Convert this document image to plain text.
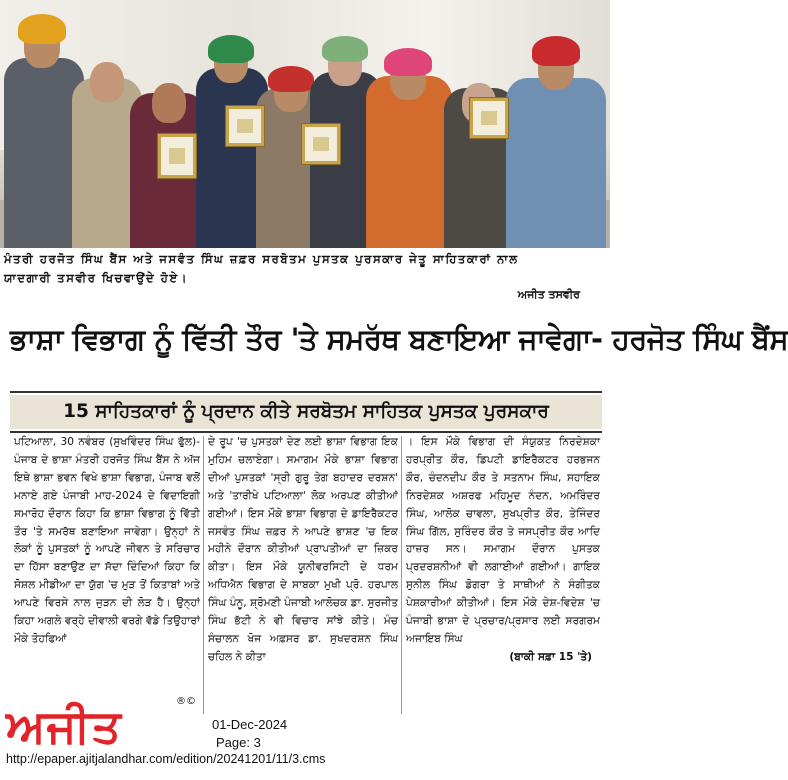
ਮੰਤਰੀ ਹਰਜੋਤ ਸਿੰਘ ਬੈਂਸ ਅਤੇ ਜਸਵੰਤ ਸਿੰਘ ਜ਼ਫ਼ਰ ਸਰਬੋਤਮ ਪੁਸਤਕ ਪੁਰਸਕਾਰ ਜੇਤੂ ਸਾਹਿਤਕਾਰਾਂ ਨਾਲ
ਯਾਦਗਾਰੀ ਤਸਵੀਰ ਖਿਚਵਾਉਂਦੇ ਹੋਏ।
ਅਜੀਤ ਤਸਵੀਰ
ਭਾਸ਼ਾ ਵਿਭਾਗ ਨੂੰ ਵਿੱਤੀ ਤੌਰ 'ਤੇ ਸਮਰੱਥ ਬਣਾਇਆ ਜਾਵੇਗਾ- ਹਰਜੋਤ ਸਿੰਘ ਬੈਂਸ
15 ਸਾਹਿਤਕਾਰਾਂ ਨੂੰ ਪ੍ਰਦਾਨ ਕੀਤੇ ਸਰਬੋਤਮ ਸਾਹਿਤਕ ਪੁਸਤਕ ਪੁਰਸਕਾਰ
ਪਟਿਆਲਾ, 30 ਨਵੰਬਰ (ਸੁਖਵਿੰਦਰ ਸਿੰਘ ਫੁੱਲ)-ਪੰਜਾਬ ਦੇ ਭਾਸ਼ਾ ਮੰਤਰੀ ਹਰਜੋਤ ਸਿੰਘ ਬੈਂਸ ਨੇ ਅੱਜ ਇਥੇ ਭਾਸ਼ਾ ਭਵਨ ਵਿਖੇ ਭਾਸ਼ਾ ਵਿਭਾਗ, ਪੰਜਾਬ ਵਲੋਂ ਮਨਾਏ ਗਏ ਪੰਜਾਬੀ ਮਾਹ-2024 ਦੇ ਵਿਦਾਇਗੀ ਸਮਾਰੋਹ ਦੌਰਾਨ ਕਿਹਾ ਕਿ ਭਾਸ਼ਾ ਵਿਭਾਗ ਨੂੰ ਵਿੱਤੀ ਤੌਰ 'ਤੇ ਸਮਰੱਥ ਬਣਾਇਆ ਜਾਵੇਗਾ। ਉਨ੍ਹਾਂ ਨੇ ਲੋਕਾਂ ਨੂੰ ਪੁਸਤਕਾਂ ਨੂੰ ਆਪਣੇ ਜੀਵਨ ਤੇ ਸਰਿਚਾਰ ਦਾ ਹਿੱਸਾ ਬਣਾਉਣ ਦਾ ਸੱਦਾ ਦਿੰਦਿਆਂ ਕਿਹਾ ਕਿ ਸੋਸ਼ਲ ਮੀਡੀਆ ਦਾ ਯੁੱਗ 'ਚ ਮੁੜ ਤੋਂ ਕਿਤਾਬਾਂ ਅਤੇ ਆਪਣੇ ਵਿਰਸੇ ਨਾਲ ਜੁੜਨ ਦੀ ਲੋੜ ਹੈ। ਉਨ੍ਹਾਂ ਕਿਹਾ ਅਗਲੇ ਵਰ੍ਹੇ ਦੀਵਾਲੀ ਵਰਗੇ ਵੱਡੇ ਤਿਉਹਾਰਾਂ ਮੌਕੇ ਤੋਹਫਿਆਂ
ਦੇ ਰੂਪ 'ਚ ਪੁਸਤਕਾਂ ਦੇਣ ਲਈ ਭਾਸ਼ਾ ਵਿਭਾਗ ਇਕ ਮੁਹਿਮ ਚਲਾਏਗਾ। ਸਮਾਗਮ ਮੌਕੇ ਭਾਸ਼ਾ ਵਿਭਾਗ ਦੀਆਂ ਪੁਸਤਕਾਂ 'ਸ੍ਰੀ ਗੁਰੂ ਤੇਗ ਬਹਾਦਰ ਦਰਸ਼ਨ' ਅਤੇ 'ਤਾਰੀਖੇ ਪਟਿਆਲਾ' ਲੋਕ ਅਰਪਣ ਕੀਤੀਆਂ ਗਈਆਂ। ਇਸ ਮੌਕੇ ਭਾਸ਼ਾ ਵਿਭਾਗ ਦੇ ਡਾਇਰੈਕਟਰ ਜਸਵੰਤ ਸਿੰਘ ਜ਼ਫ਼ਰ ਨੇ ਆਪਣੇ ਭਾਸ਼ਣ 'ਚ ਇਕ ਮਹੀਨੇ ਦੌਰਾਨ ਕੀਤੀਆਂ ਪ੍ਰਾਪਤੀਆਂ ਦਾ ਜ਼ਿਕਰ ਕੀਤਾ। ਇਸ ਮੌਕੇ ਯੂਨੀਵਰਸਿਟੀ ਦੇ ਧਰਮ ਅਧਿਐਨ ਵਿਭਾਗ ਦੇ ਸਾਬਕਾ ਮੁਖੀ ਪ੍ਰੋ. ਹਰਪਾਲ ਸਿੰਘ ਪੰਨੂ, ਸ਼੍ਰੋਮਣੀ ਪੰਜਾਬੀ ਆਲੋਚਕ ਡਾ. ਸੁਰਜੀਤ ਸਿੰਘ ਭੱਟੀ ਨੇ ਵੀ ਵਿਚਾਰ ਸਾਂਝੇ ਕੀਤੇ। ਮੰਚ ਸੰਚਾਲਨ ਖੋਜ ਅਫ਼ਸਰ ਡਾ. ਸੁਖਦਰਸ਼ਨ ਸਿੰਘ ਚਹਿਲ ਨੇ ਕੀਤਾ
। ਇਸ ਮੌਕੇ ਵਿਭਾਗ ਦੀ ਸੰਯੁਕਤ ਨਿਰਦੇਸ਼ਕਾ ਹਰਪ੍ਰੀਤ ਕੌਰ, ਡਿਪਟੀ ਡਾਇਰੈਕਟਰ ਹਰਭਜਨ ਕੌਰ, ਚੰਦਨਦੀਪ ਕੌਰ ਤੇ ਸਤਨਾਮ ਸਿੰਘ, ਸਹਾਇਕ ਨਿਰਦੇਸ਼ਕ ਅਸ਼ਰਫ ਮਹਿਮੂਦ ਨੰਦਨ, ਅਮਰਿੰਦਰ ਸਿੰਘ, ਆਲੋਕ ਚਾਵਲਾ, ਸੁਖਪ੍ਰੀਤ ਕੌਰ, ਤੇਜਿੰਦਰ ਸਿੰਘ ਗਿੱਲ, ਸੁਰਿੰਦਰ ਕੌਰ ਤੇ ਜਸਪ੍ਰੀਤ ਕੌਰ ਆਦਿ ਹਾਜ਼ਰ ਸਨ। ਸਮਾਗਮ ਦੌਰਾਨ ਪੁਸਤਕ ਪ੍ਰਦਰਸ਼ਨੀਆਂ ਵੀ ਲਗਾਈਆਂ ਗਈਆਂ। ਗਾਇਕ ਸੁਨੀਲ ਸਿੰਘ ਡੋਗਰਾ ਤੇ ਸਾਥੀਆਂ ਨੇ ਸੰਗੀਤਕ ਪੇਸ਼ਕਾਰੀਆਂ ਕੀਤੀਆਂ। ਇਸ ਮੌਕੇ ਦੇਸ਼-ਵਿਦੇਸ਼ 'ਚ ਪੰਜਾਬੀ ਭਾਸ਼ਾ ਦੇ ਪ੍ਰਚਾਰ/ਪ੍ਰਸਾਰ ਲਈ ਸਰਗਰਮ ਅਜਾਇਬ ਸਿੰਘ
(ਬਾਕੀ ਸਫ਼ਾ 15 'ਤੇ)
ਅਜੀਤ	®©
01-Dec-2024
Page: 3
http://epaper.ajitjalandhar.com/edition/20241201/11/3.cms
